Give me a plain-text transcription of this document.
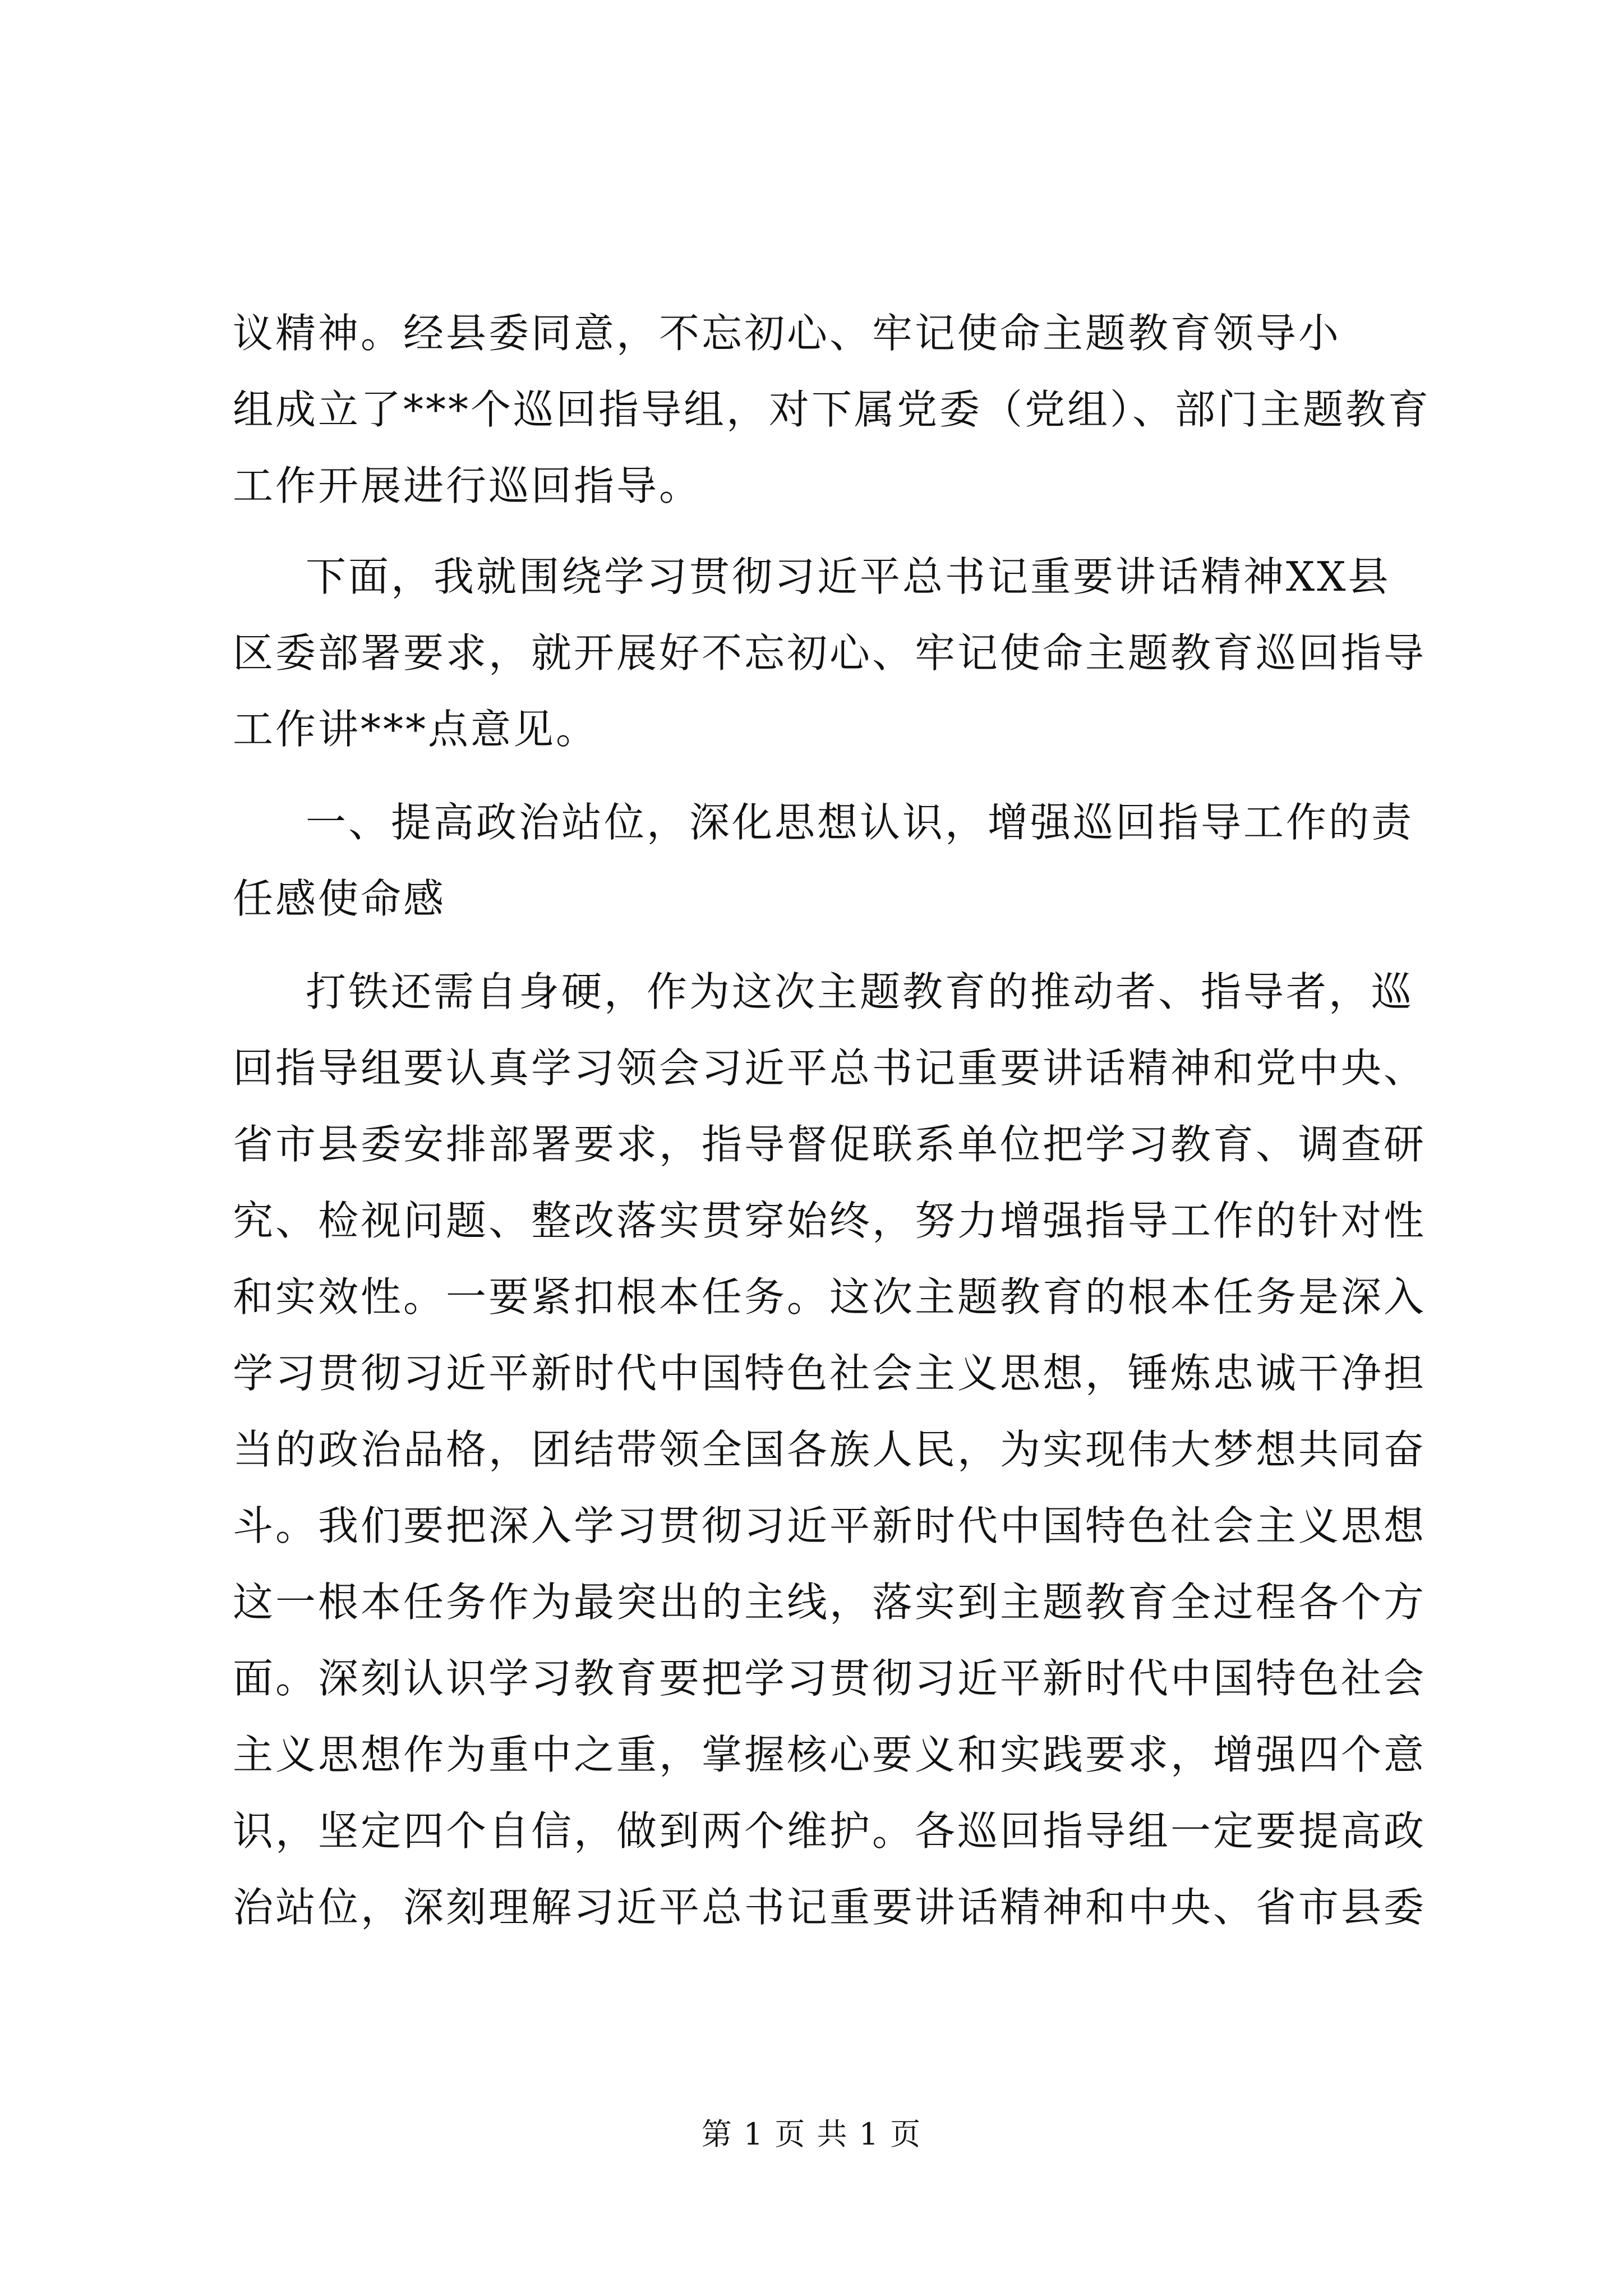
议精神。经县委同意，不忘初心、牢记使命主题教育领导小

组成立了***个巡回指导组，对下属党委（党组）、部门主题教育

工作开展进行巡回指导。

下面，我就围绕学习贯彻习近平总书记重要讲话精神XX县

区委部署要求，就开展好不忘初心、牢记使命主题教育巡回指导

工作讲***点意见。

一、提高政治站位，深化思想认识，增强巡回指导工作的责

任感使命感

打铁还需自身硬，作为这次主题教育的推动者、指导者，巡

回指导组要认真学习领会习近平总书记重要讲话精神和党中央、

省市县委安排部署要求，指导督促联系单位把学习教育、调查研

究、检视问题、整改落实贯穿始终，努力增强指导工作的针对性

和实效性。一要紧扣根本任务。这次主题教育的根本任务是深入

学习贯彻习近平新时代中国特色社会主义思想，锤炼忠诚干净担

当的政治品格，团结带领全国各族人民，为实现伟大梦想共同奋

斗。我们要把深入学习贯彻习近平新时代中国特色社会主义思想

这一根本任务作为最突出的主线，落实到主题教育全过程各个方

面。深刻认识学习教育要把学习贯彻习近平新时代中国特色社会

主义思想作为重中之重，掌握核心要义和实践要求，增强四个意

识，坚定四个自信，做到两个维护。各巡回指导组一定要提高政

治站位，深刻理解习近平总书记重要讲话精神和中央、省市县委

第 1 页 共 1 页
